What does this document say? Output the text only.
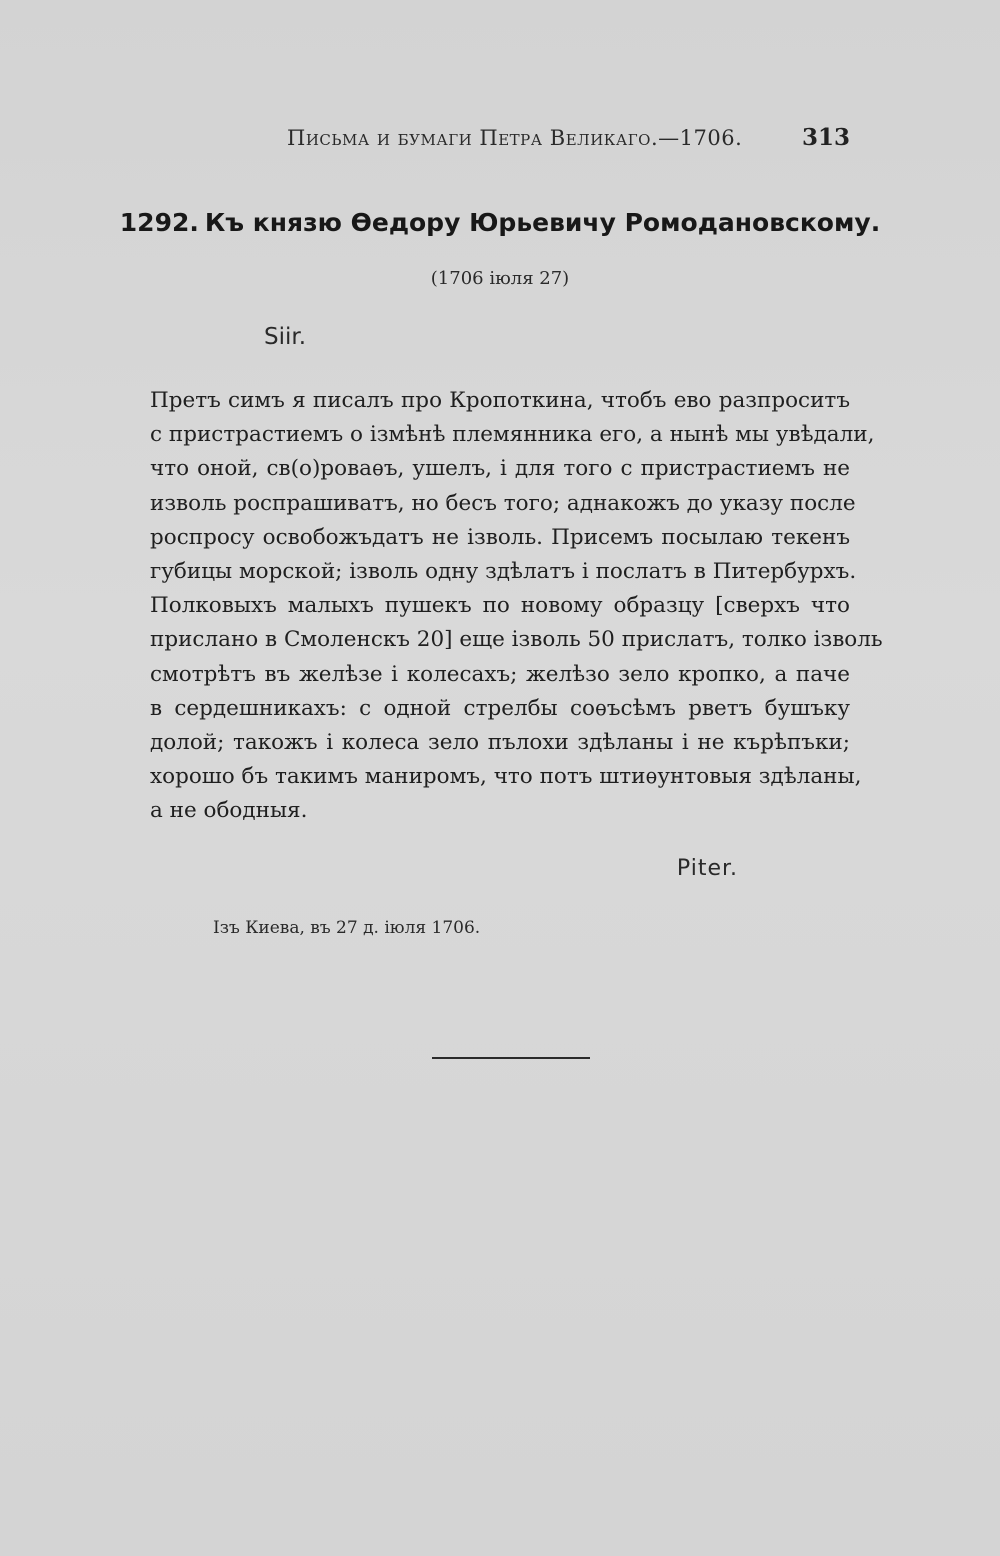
Письма и бумаги Петра Великаго.—1706.	313
1292. Къ князю Өедору Юрьевичу Ромодановскому.
(1706 іюля 27)
Siir.
Претъ симъ я писалъ про Кропоткина, чтобъ ево разпроситъ
с пристрастиемъ о ізмѣнѣ племянника его, а нынѣ мы увѣдали,
что оной, св(о)роваѳъ, ушелъ, і для того с пристрастиемъ не
изволь роспрашиватъ, но бесъ того; аднакожъ до указу после
роспросу освобожъдатъ не ізволь. Присемъ посылаю текенъ
губицы морской; ізволь одну здѣлатъ і послатъ в Питербурхъ.
Полковыхъ малыхъ пушекъ по новому образцу [сверхъ что
прислано в Смоленскъ 20] еще ізволь 50 прислатъ, толко ізволь
смотрѣтъ въ желѣзе і колесахъ; желѣзо зело кропко, а паче
в сердешникахъ: с одной стрелбы соѳъсѣмъ рветъ бушъку
долой; такожъ і колеса зело пълохи здѣланы і не кърѣпъки;
хорошо бъ такимъ маниромъ, что потъ штиѳунтовыя здѣланы,
а не ободныя.
Piter.
Ізъ Киева, въ 27 д. іюля 1706.
